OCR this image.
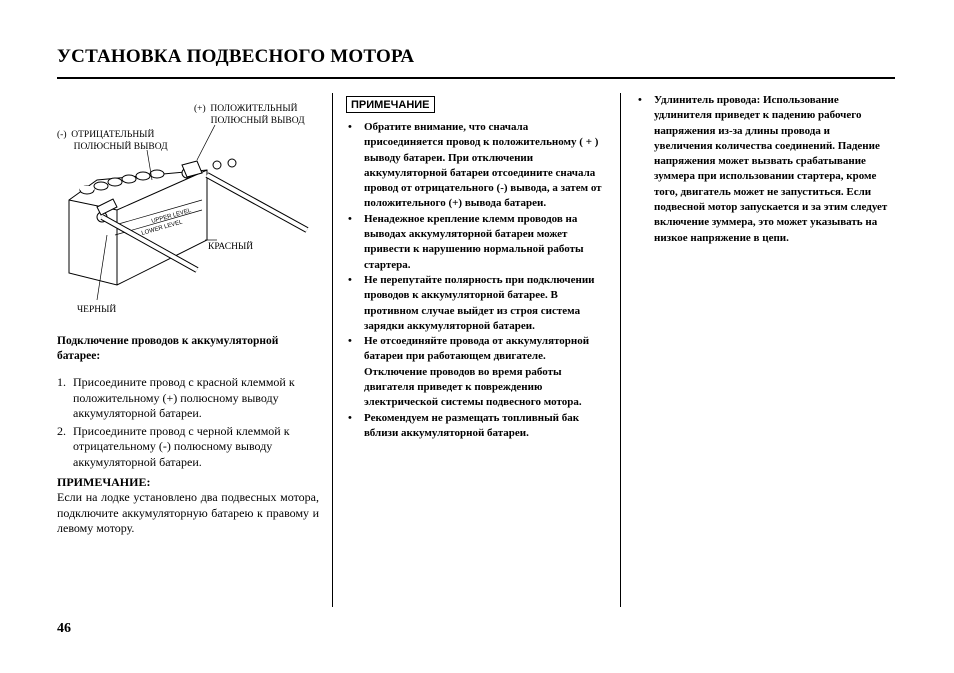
УСТАНОВКА ПОДВЕСНОГО МОТОРА
UPPER LEVEL
LOWER LEVEL
(+)  ПОЛОЖИТЕЛЬНЫЙ
ПОЛЮСНЫЙ ВЫВОД
(-)  ОТРИЦАТЕЛЬНЫЙ
ПОЛЮСНЫЙ ВЫВОД
КРАСНЫЙ
ЧЕРНЫЙ
Подключение проводов к аккумуляторной батарее:
1. Присоедините провод с красной клеммой к положительному (+) полюсному выводу аккумуляторной батареи.
2. Присоедините провод с черной клеммой к отрицательному (-) полюсному выводу аккумуляторной батареи.
ПРИМЕЧАНИЕ:
Если на лодке установлено два подвесных мотора, подключите аккумуляторную батарею к правому и левому мотору.
ПРИМЕЧАНИЕ
• Обратите внимание, что сначала присоединяется провод к положительному ( + ) выводу батареи. При отключении аккумуляторной батареи отсоедините сначала провод от отрицательного (-) вывода, а затем от положительного (+) вывода батареи.
• Ненадежное крепление клемм проводов на выводах аккумуляторной батареи может привести к нарушению нормальной работы стартера.
• Не перепутайте полярность при подключении проводов к аккумуляторной батарее. В противном случае выйдет из строя система зарядки аккумуляторной батареи.
• Не отсоединяйте провода от аккумуляторной батареи при работающем двигателе. Отключение проводов во время работы двигателя приведет к повреждению электрической системы подвесного мотора.
• Рекомендуем не размещать топливный бак вблизи аккумуляторной батареи.
• Удлинитель провода: Использование удлинителя приведет к падению рабочего напряжения из-за длины провода и увеличения количества соединений. Падение напряжения может вызвать срабатывание зуммера при использовании стартера, кроме того, двигатель может не запуститься. Если подвесной мотор запускается и за этим следует включение зуммера, это может указывать на низкое напряжение в цепи.
46
